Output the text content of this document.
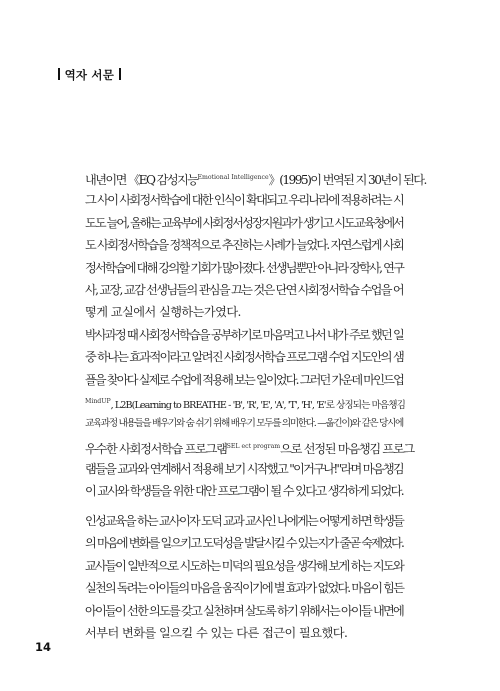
역자 서문
내년이면 《EQ 감성지능$^{Emotional Intelligence}$》(1995)이 번역된 지 30년이 된다.
그 사이 사회정서학습에 대한 인식이 확대되고 우리나라에 적용하려는 시
도도 늘어, 올해는 교육부에 사회정서성장지원과가 생기고 시도교육청에서
도 사회정서학습을 정책적으로 추진하는 사례가 늘었다. 자연스럽게 사회
정서학습에 대해 강의할 기회가 많아졌다. 선생님뿐만 아니라 장학사, 연구
사, 교장, 교감 선생님들의 관심을 끄는 것은 단연 사회정서학습 수업을 어
떻게 교실에서 실행하는가였다.
박사과정 때 사회정서학습을 공부하기로 마음먹고 나서 내가 주로 했던 일
중 하나는 효과적이라고 알려진 사회정서학습 프로그램 수업 지도안의 샘
플을 찾아다 실제로 수업에 적용해 보는 일이었다. 그러던 가운데 마인드업
$^{MindUP}$, L2B(Learning to BREATHE - 'B', 'R', 'E', 'A', 'T', 'H', 'E'로 상징되는 마음챙김
교육과정 내용들을 배우기와 숨 쉬기 위해 배우기 모두를 의미한다. —옮긴이)와 같은 당시에
우수한 사회정서학습 프로그램$^{SEL ect program}$으로 선정된 마음챙김 프로그
램들을 교과와 연계해서 적용해 보기 시작했고 "이거구나!"라며 마음챙김
이 교사와 학생들을 위한 대안 프로그램이 될 수 있다고 생각하게 되었다.
인성교육을 하는 교사이자 도덕 교과 교사인 나에게는 어떻게 하면 학생들
의 마음에 변화를 일으키고 도덕성을 발달시킬 수 있는지가 줄곧 숙제였다.
교사들이 일반적으로 시도하는 미덕의 필요성을 생각해 보게 하는 지도와
실천의 독려는 아이들의 마음을 움직이기에 별 효과가 없었다. 마음이 힘든
아이들이 선한 의도를 갖고 실천하며 살도록 하기 위해서는 아이들 내면에
서부터 변화를 일으킬 수 있는 다른 접근이 필요했다.
14
